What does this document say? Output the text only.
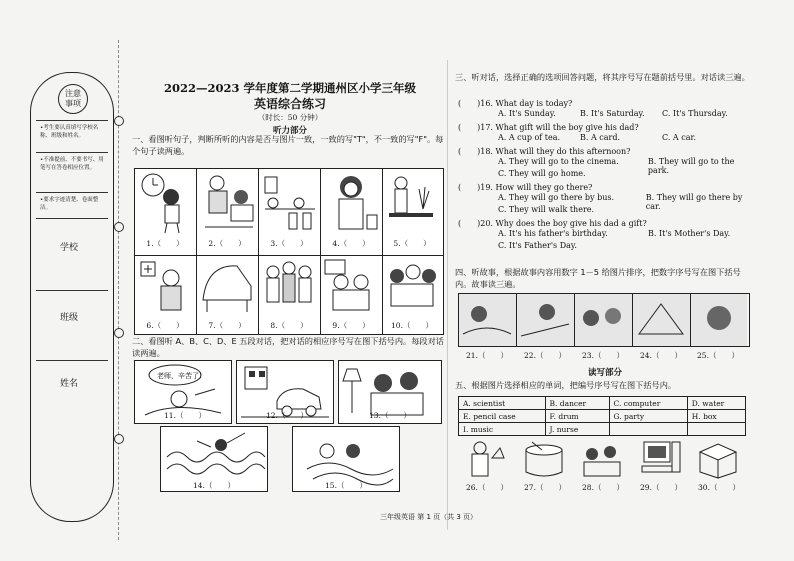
注意
事项
•考生要认真填写学校名称、班级和姓名。
•不准提前、不要书写、用笔写在答卷相应位置。
•要求字迹清楚、卷面整洁。
学校
班级
姓名
2022—2023 学年度第二学期通州区小学三年级
英语综合练习
（时长：50 分钟）
听力部分
一、看图听句子，判断所听的内容是否与图片一致，一致的写"T"，不一致的写"F"。每个句子读两遍。
1.（　　）	2.（　　）	3.（　　）	4.（　　）	5.（　　）
6.（　　）	7.（　　）	8.（　　）	9.（　　）	10.（　　）
二、看图听 A、B、C、D、E 五段对话，把对话的相应序号写在图下括号内。每段对话读两遍。
老师，辛苦了！
11.（　　）	12.（　　）	13.（　　）
14.（　　）	15.（　　）
三、听对话，选择正确的选项回答问题，将其序号写在题前括号里。对话读三遍。
(　　)16. What day is today?
A. It's Sunday.	B. It's Saturday.	C. It's Thursday.
(　　)17. What gift will the boy give his dad?
A. A cup of tea.	B. A card.	C. A car.
(　　)18. What will they do this afternoon?
A. They will go to the cinema.	B. They will go to the park.
C. They will go home.
(　　)19. How will they go there?
A. They will go there by bus.	B. They will go there by car.
C. They will walk there.
(　　)20. Why does the boy give his dad a gift?
A. It's his father's birthday.	B. It's Mother's Day.
C. It's Father's Day.
四、听故事，根据故事内容用数字 1－5 给图片排序，把数字序号写在图下括号内。故事读三遍。
21.（　　）	22.（　　）	23.（　　）	24.（　　）	25.（　　）
读写部分
五、根据图片选择相应的单词，把编号序号写在图下括号内。
A. scientist	B. dancer	C. computer	D. water
E. pencil case	F. drum	G. party	H. box
I. music	J. nurse		
26.（　　）	27.（　　）	28.（　　）	29.（　　）	30.（　　）
三年级英语 第 1 页（共 3 页）
